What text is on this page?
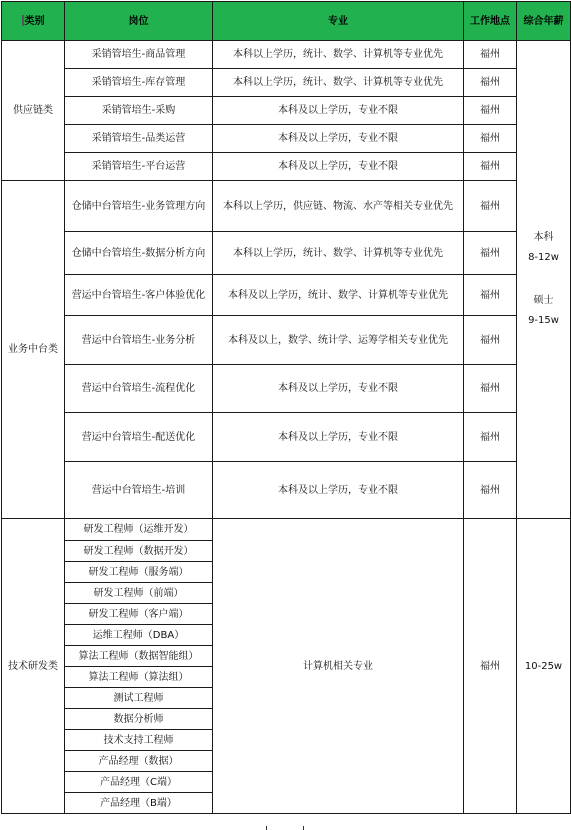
类别	岗位	专业	工作地点	综合年薪
供应链类	采销管培生-商品管理	本科以上学历，统计、数学、计算机等专业优先	福州	本科
8-12w
硕士
9-15w

	采销管培生-库存管理	本科以上学历，统计、数学、计算机等专业优先	福州	
	采销管培生-采购	本科及以上学历，专业不限	福州	
	采销管培生-品类运营	本科及以上学历，专业不限	福州	
	采销管培生-平台运营	本科及以上学历，专业不限	福州	
业务中台类	仓储中台管培生-业务管理方向	本科以上学历，供应链、物流、水产等相关专业优先	福州	
	仓储中台管培生-数据分析方向	本科以上学历，统计、数学、计算机等专业优先	福州	
	营运中台管培生-客户体验优化	本科及以上学历，统计、数学、计算机等专业优先	福州	
	营运中台管培生-业务分析	本科及以上，数学、统计学、运筹学相关专业优先	福州	
	营运中台管培生-流程优化	本科及以上学历，专业不限	福州	
	营运中台管培生-配送优化	本科及以上学历，专业不限	福州	
	营运中台管培生-培训	本科及以上学历，专业不限	福州	
技术研发类	研发工程师（运维开发）	计算机相关专业	福州	10-25w
	研发工程师（数据开发）			
	研发工程师（服务端）			
	研发工程师（前端）			
	研发工程师（客户端）			
	运维工程师（DBA）			
	算法工程师（数据智能组）			
	算法工程师（算法组）			
	测试工程师			
	数据分析师			
	技术支持工程师			
	产品经理（数据）			
	产品经理（C端）			
	产品经理（B端）			
